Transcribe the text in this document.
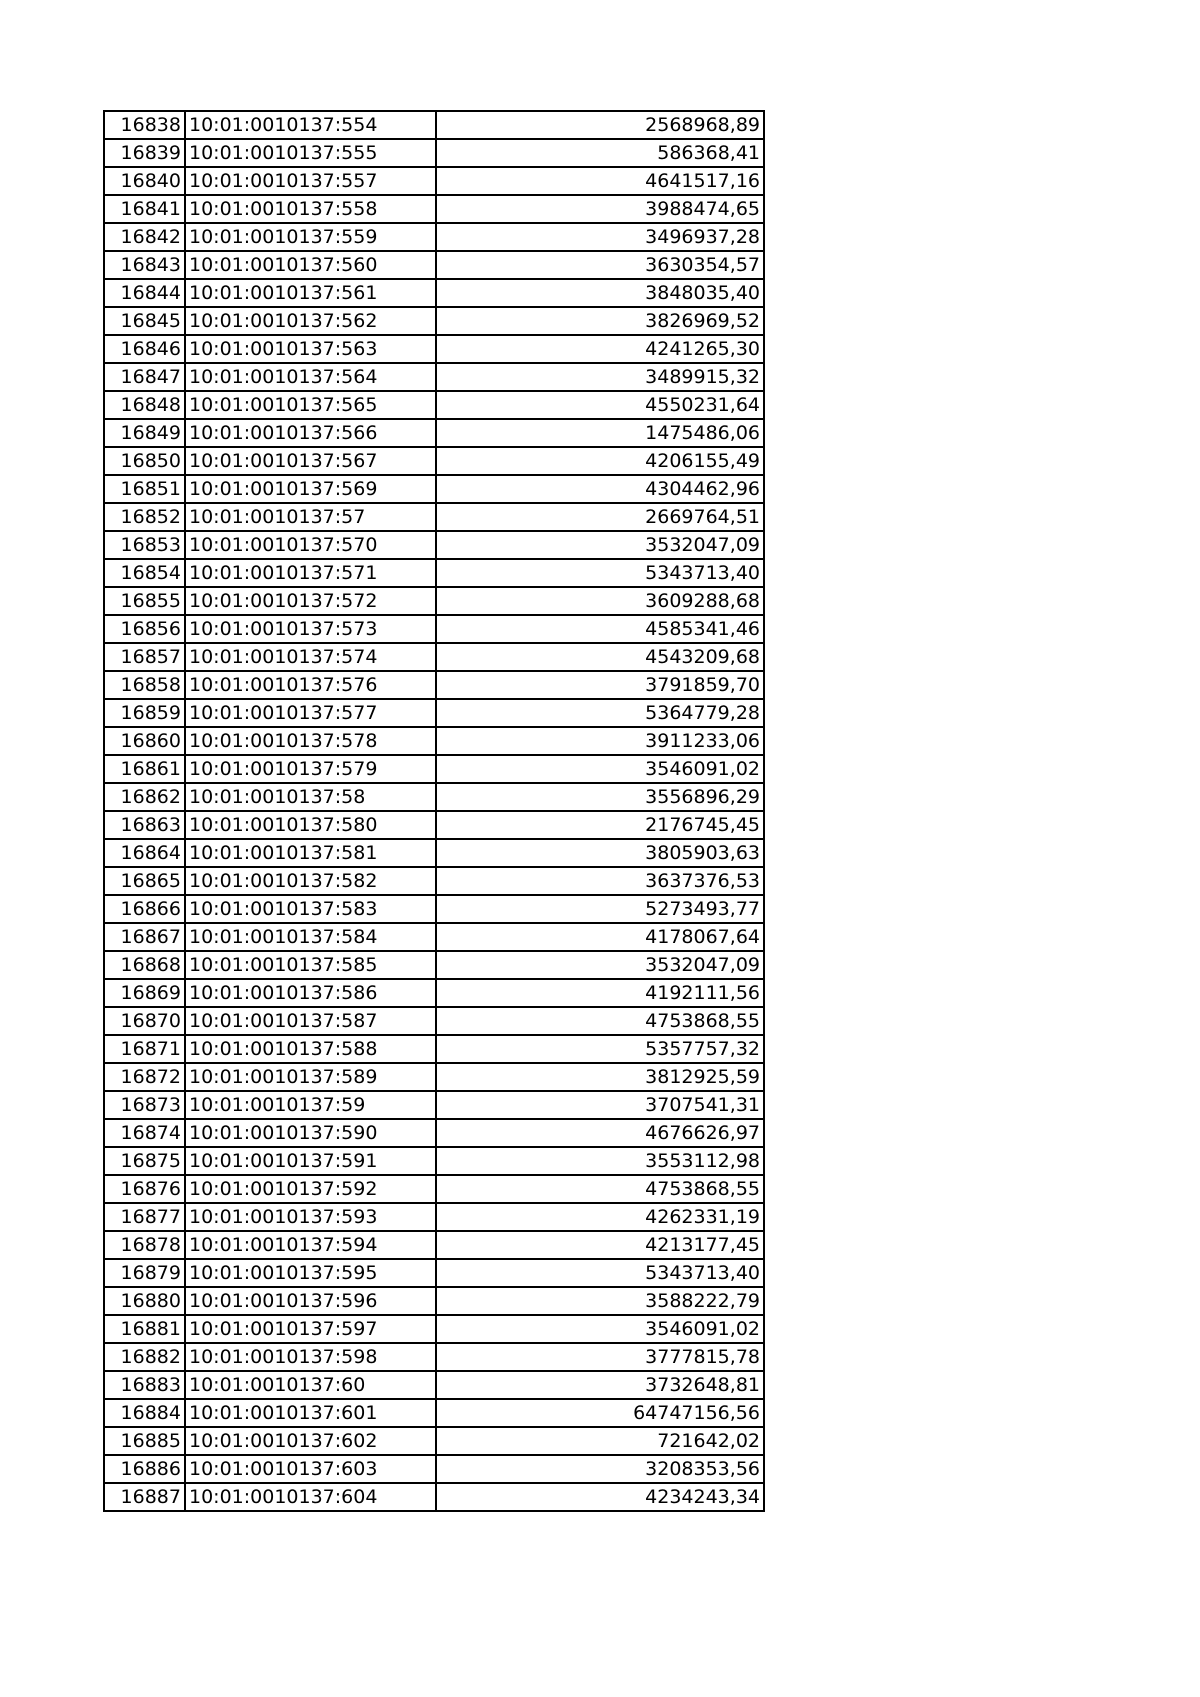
16838	10:01:0010137:554	2568968,89
16839	10:01:0010137:555	586368,41
16840	10:01:0010137:557	4641517,16
16841	10:01:0010137:558	3988474,65
16842	10:01:0010137:559	3496937,28
16843	10:01:0010137:560	3630354,57
16844	10:01:0010137:561	3848035,40
16845	10:01:0010137:562	3826969,52
16846	10:01:0010137:563	4241265,30
16847	10:01:0010137:564	3489915,32
16848	10:01:0010137:565	4550231,64
16849	10:01:0010137:566	1475486,06
16850	10:01:0010137:567	4206155,49
16851	10:01:0010137:569	4304462,96
16852	10:01:0010137:57	2669764,51
16853	10:01:0010137:570	3532047,09
16854	10:01:0010137:571	5343713,40
16855	10:01:0010137:572	3609288,68
16856	10:01:0010137:573	4585341,46
16857	10:01:0010137:574	4543209,68
16858	10:01:0010137:576	3791859,70
16859	10:01:0010137:577	5364779,28
16860	10:01:0010137:578	3911233,06
16861	10:01:0010137:579	3546091,02
16862	10:01:0010137:58	3556896,29
16863	10:01:0010137:580	2176745,45
16864	10:01:0010137:581	3805903,63
16865	10:01:0010137:582	3637376,53
16866	10:01:0010137:583	5273493,77
16867	10:01:0010137:584	4178067,64
16868	10:01:0010137:585	3532047,09
16869	10:01:0010137:586	4192111,56
16870	10:01:0010137:587	4753868,55
16871	10:01:0010137:588	5357757,32
16872	10:01:0010137:589	3812925,59
16873	10:01:0010137:59	3707541,31
16874	10:01:0010137:590	4676626,97
16875	10:01:0010137:591	3553112,98
16876	10:01:0010137:592	4753868,55
16877	10:01:0010137:593	4262331,19
16878	10:01:0010137:594	4213177,45
16879	10:01:0010137:595	5343713,40
16880	10:01:0010137:596	3588222,79
16881	10:01:0010137:597	3546091,02
16882	10:01:0010137:598	3777815,78
16883	10:01:0010137:60	3732648,81
16884	10:01:0010137:601	64747156,56
16885	10:01:0010137:602	721642,02
16886	10:01:0010137:603	3208353,56
16887	10:01:0010137:604	4234243,34
